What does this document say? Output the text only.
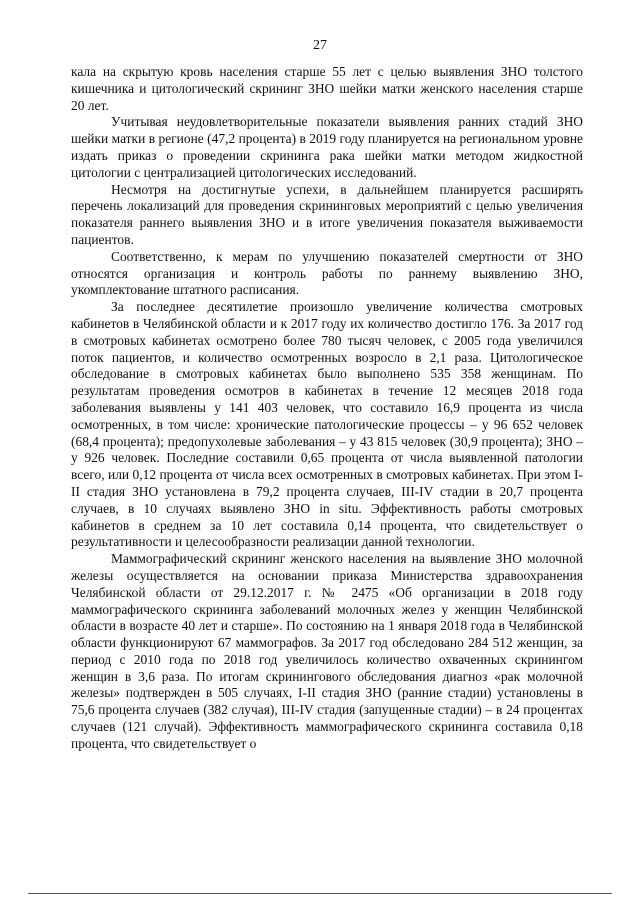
27

кала на скрытую кровь населения старше 55 лет с целью выявления ЗНО толстого кишечника и цитологический скрининг ЗНО шейки матки женского населения старше 20 лет.

Учитывая неудовлетворительные показатели выявления ранних стадий ЗНО шейки матки в регионе (47,2 процента) в 2019 году планируется на региональном уровне издать приказ о проведении скрининга рака шейки матки методом жидкостной цитологии с централизацией цитологических исследований.

Несмотря на достигнутые успехи, в дальнейшем планируется расширять перечень локализаций для проведения скрининговых мероприятий с целью увеличения показателя раннего выявления ЗНО и в итоге увеличения показателя выживаемости пациентов.

Соответственно, к мерам по улучшению показателей смертности от ЗНО относятся организация и контроль работы по раннему выявлению ЗНО, укомплектование штатного расписания.

За последнее десятилетие произошло увеличение количества смотровых кабинетов в Челябинской области и к 2017 году их количество достигло 176. За 2017 год в смотровых кабинетах осмотрено более 780 тысяч человек, с 2005 года увеличился поток пациентов, и количество осмотренных возросло в 2,1 раза. Цитологическое обследование в смотровых кабинетах было выполнено 535 358 женщинам. По результатам проведения осмотров в кабинетах в течение 12 месяцев 2018 года заболевания выявлены у 141 403 человек, что составило 16,9 процента из числа осмотренных, в том числе: хронические патологические процессы – у 96 652 человек (68,4 процента); предопухолевые заболевания – у 43 815 человек (30,9 процента); ЗНО – у 926 человек. Последние составили 0,65 процента от числа выявленной патологии всего, или 0,12 процента от числа всех осмотренных в смотровых кабинетах. При этом I-II стадия ЗНО установлена в 79,2 процента случаев, III-IV стадии в 20,7 процента случаев, в 10 случаях выявлено ЗНО in situ. Эффективность работы смотровых кабинетов в среднем за 10 лет составила 0,14 процента, что свидетельствует о результативности и целесообразности реализации данной технологии.

Маммографический скрининг женского населения на выявление ЗНО молочной железы осуществляется на основании приказа Министерства здравоохранения Челябинской области от 29.12.2017 г. № 2475 «Об организации в 2018 году маммографического скрининга заболеваний молочных желез у женщин Челябинской области в возрасте 40 лет и старше». По состоянию на 1 января 2018 года в Челябинской области функционируют 67 маммографов. За 2017 год обследовано 284 512 женщин, за период с 2010 года по 2018 год увеличилось количество охваченных скринингом женщин в 3,6 раза. По итогам скринингового обследования диагноз «рак молочной железы» подтвержден в 505 случаях, I-II стадия ЗНО (ранние стадии) установлены в 75,6 процента случаев (382 случая), III-IV стадия (запущенные стадии) – в 24 процентах случаев (121 случай). Эффективность маммографического скрининга составила 0,18 процента, что свидетельствует о
